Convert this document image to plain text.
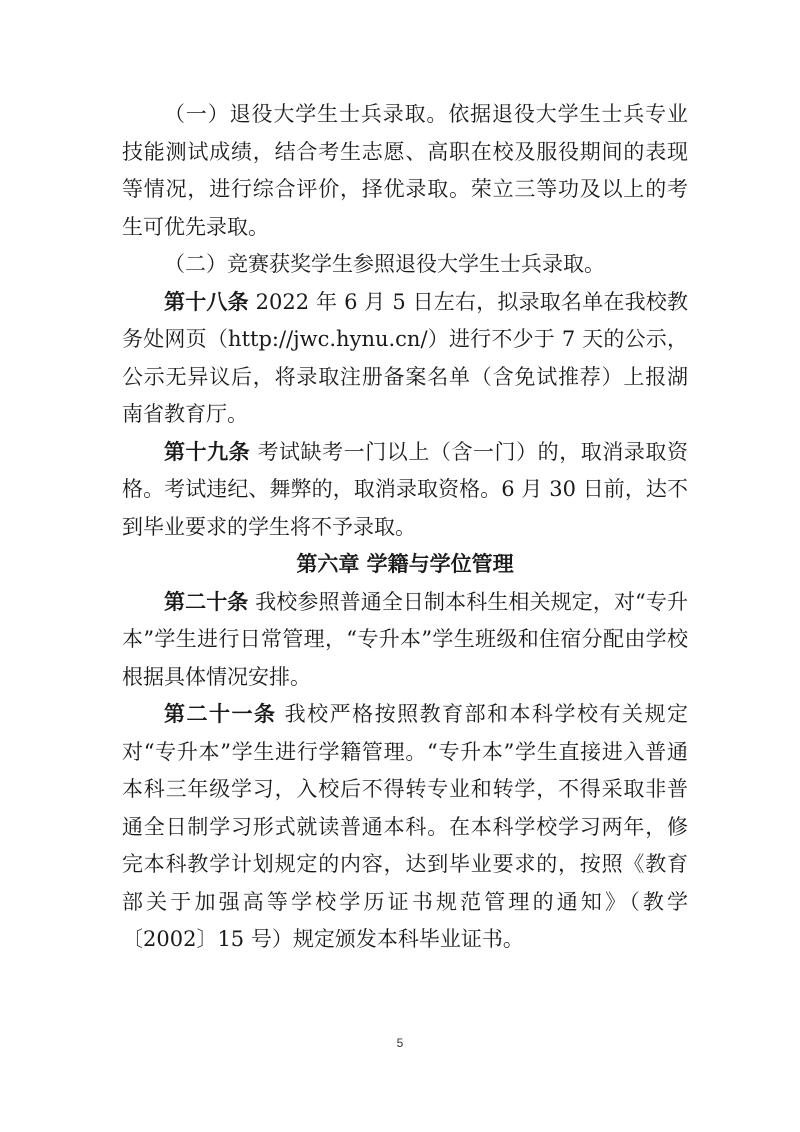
（一）退役大学生士兵录取。依据退役大学生士兵专业技能测试成绩，结合考生志愿、高职在校及服役期间的表现等情况，进行综合评价，择优录取。荣立三等功及以上的考生可优先录取。

（二）竞赛获奖学生参照退役大学生士兵录取。

第十八条 2022 年 6 月 5 日左右，拟录取名单在我校教务处网页（http://jwc.hynu.cn/）进行不少于 7 天的公示，公示无异议后，将录取注册备案名单（含免试推荐）上报湖南省教育厅。

第十九条 考试缺考一门以上（含一门）的，取消录取资格。考试违纪、舞弊的，取消录取资格。6 月 30 日前，达不到毕业要求的学生将不予录取。

第六章 学籍与学位管理

第二十条 我校参照普通全日制本科生相关规定，对“专升本”学生进行日常管理，“专升本”学生班级和住宿分配由学校根据具体情况安排。

第二十一条 我校严格按照教育部和本科学校有关规定对“专升本”学生进行学籍管理。“专升本”学生直接进入普通本科三年级学习，入校后不得转专业和转学，不得采取非普通全日制学习形式就读普通本科。在本科学校学习两年，修完本科教学计划规定的内容，达到毕业要求的，按照《教育部关于加强高等学校学历证书规范管理的通知》（教学〔2002〕15 号）规定颁发本科毕业证书。

5
